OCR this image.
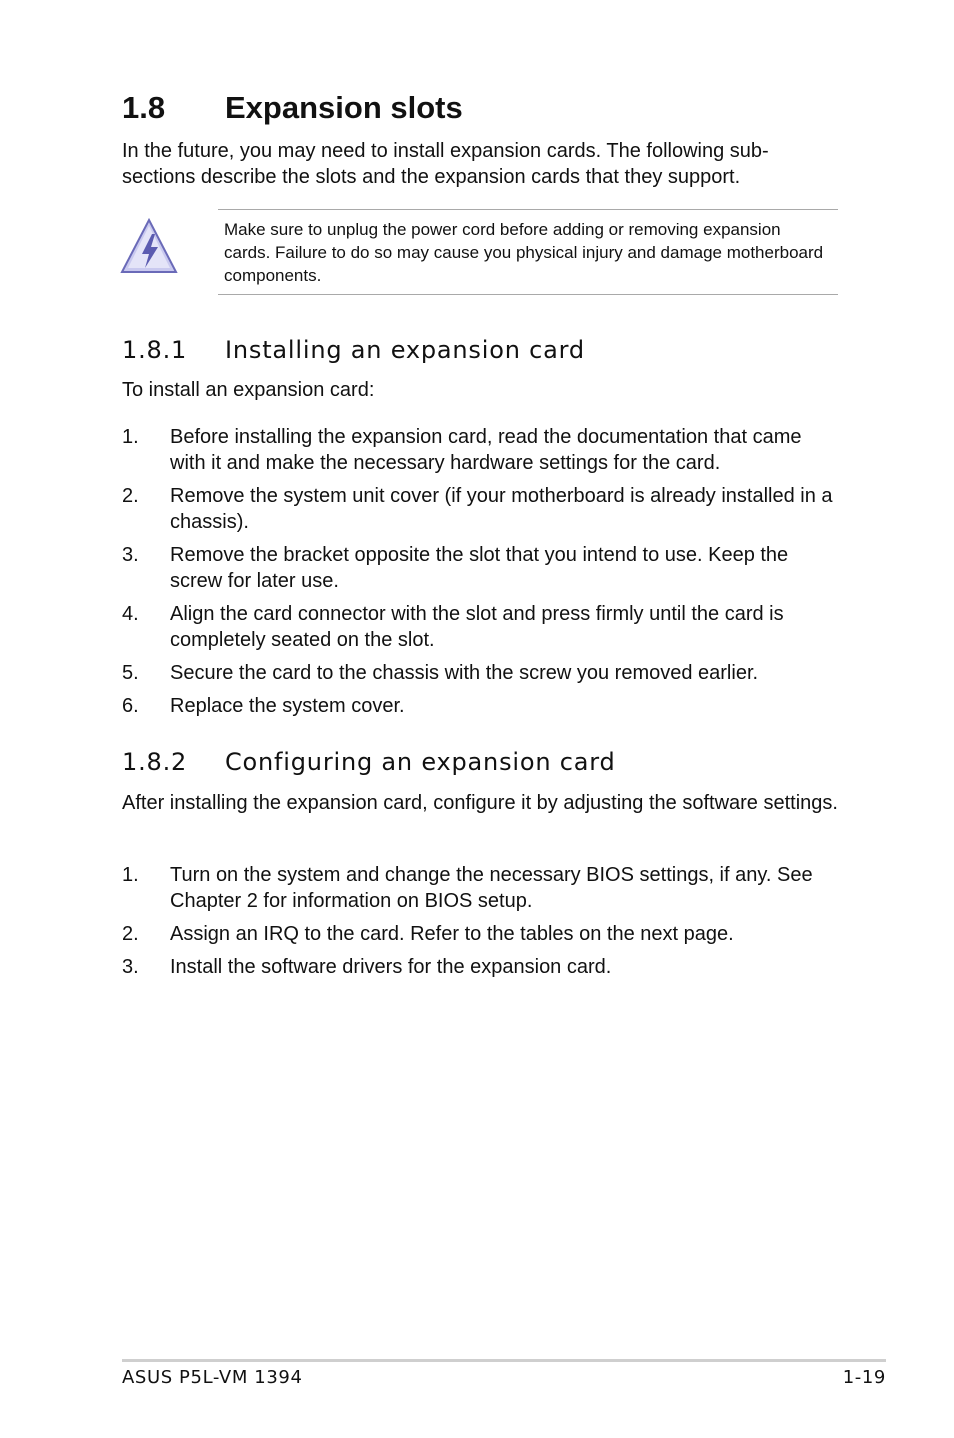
1.8 Expansion slots
In the future, you may need to install expansion cards. The following sub-sections describe the slots and the expansion cards that they support.
Make sure to unplug the power cord before adding or removing expansion cards. Failure to do so may cause you physical injury and damage motherboard components.
1.8.1 Installing an expansion card
To install an expansion card:
1. Before installing the expansion card, read the documentation that came with it and make the necessary hardware settings for the card.
2. Remove the system unit cover (if your motherboard is already installed in a chassis).
3. Remove the bracket opposite the slot that you intend to use. Keep the screw for later use.
4. Align the card connector with the slot and press firmly until the card is completely seated on the slot.
5. Secure the card to the chassis with the screw you removed earlier.
6. Replace the system cover.
1.8.2 Configuring an expansion card
After installing the expansion card, configure it by adjusting the software settings.
1. Turn on the system and change the necessary BIOS settings, if any. See Chapter 2 for information on BIOS setup.
2. Assign an IRQ to the card. Refer to the tables on the next page.
3. Install the software drivers for the expansion card.
ASUS P5L-VM 1394	1-19
